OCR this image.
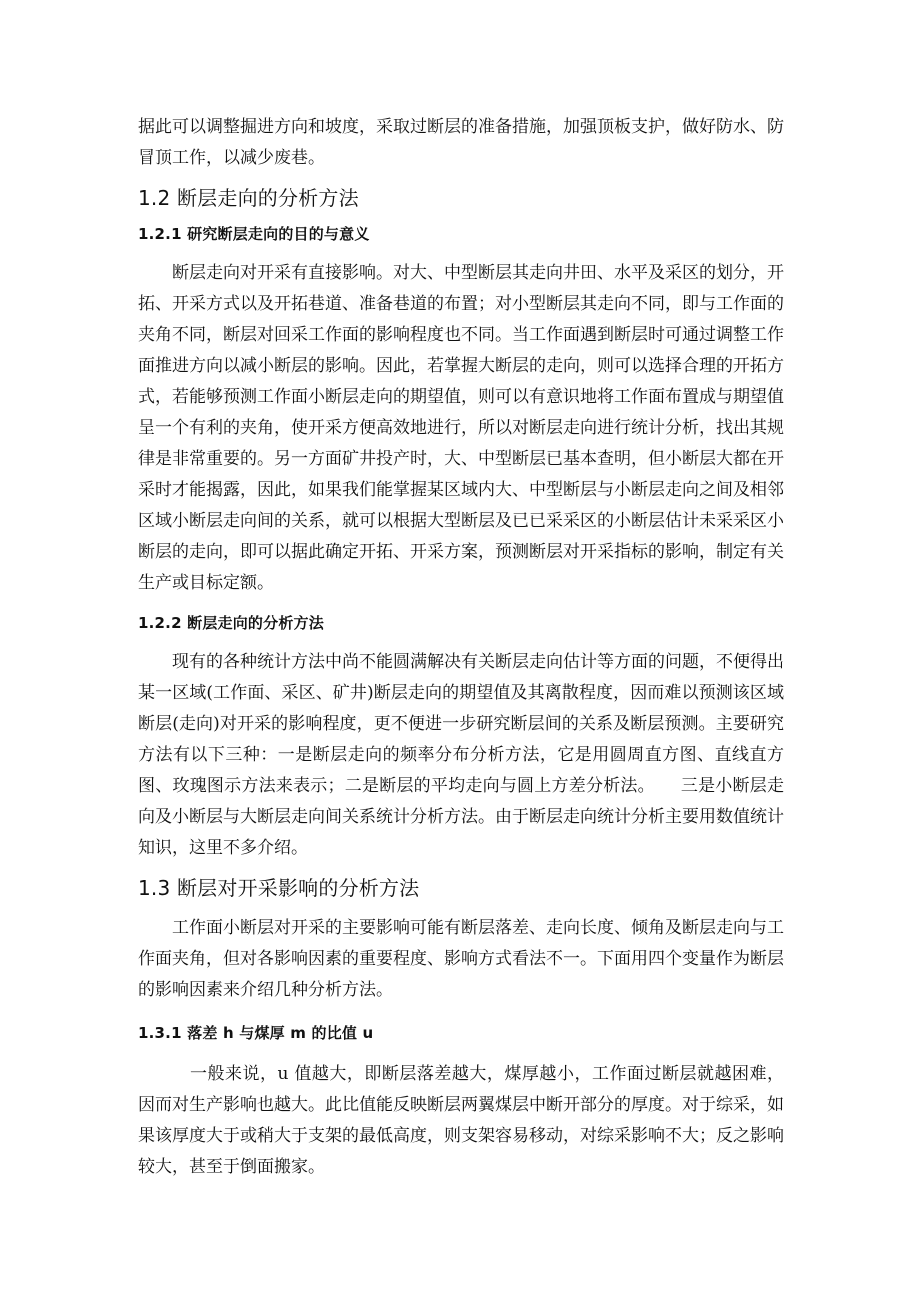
据此可以调整掘进方向和坡度，采取过断层的准备措施，加强顶板支护，做好防水、防冒顶工作，以减少废巷。

1.2 断层走向的分析方法
1.2.1 研究断层走向的目的与意义

断层走向对开采有直接影响。对大、中型断层其走向井田、水平及采区的划分，开拓、开采方式以及开拓巷道、准备巷道的布置；对小型断层其走向不同，即与工作面的夹角不同，断层对回采工作面的影响程度也不同。当工作面遇到断层时可通过调整工作面推进方向以减小断层的影响。因此，若掌握大断层的走向，则可以选择合理的开拓方式，若能够预测工作面小断层走向的期望值，则可以有意识地将工作面布置成与期望值呈一个有利的夹角，使开采方便高效地进行，所以对断层走向进行统计分析，找出其规律是非常重要的。另一方面矿井投产时，大、中型断层已基本查明，但小断层大都在开采时才能揭露，因此，如果我们能掌握某区域内大、中型断层与小断层走向之间及相邻区域小断层走向间的关系，就可以根据大型断层及已已采采区的小断层估计未采采区小断层的走向，即可以据此确定开拓、开采方案，预测断层对开采指标的影响，制定有关生产或目标定额。

1.2.2 断层走向的分析方法

现有的各种统计方法中尚不能圆满解决有关断层走向估计等方面的问题，不便得出某一区域(工作面、采区、矿井)断层走向的期望值及其离散程度，因而难以预测该区域断层(走向)对开采的影响程度，更不便进一步研究断层间的关系及断层预测。主要研究方法有以下三种：一是断层走向的频率分布分析方法，它是用圆周直方图、直线直方图、玫瑰图示方法来表示；二是断层的平均走向与圆上方差分析法。　　三是小断层走向及小断层与大断层走向间关系统计分析方法。由于断层走向统计分析主要用数值统计知识，这里不多介绍。

1.3 断层对开采影响的分析方法

工作面小断层对开采的主要影响可能有断层落差、走向长度、倾角及断层走向与工作面夹角，但对各影响因素的重要程度、影响方式看法不一。下面用四个变量作为断层的影响因素来介绍几种分析方法。

1.3.1 落差 h 与煤厚 m 的比值 u

一般来说，u 值越大，即断层落差越大，煤厚越小，工作面过断层就越困难，因而对生产影响也越大。此比值能反映断层两翼煤层中断开部分的厚度。对于综采，如果该厚度大于或稍大于支架的最低高度，则支架容易移动，对综采影响不大；反之影响较大，甚至于倒面搬家。
